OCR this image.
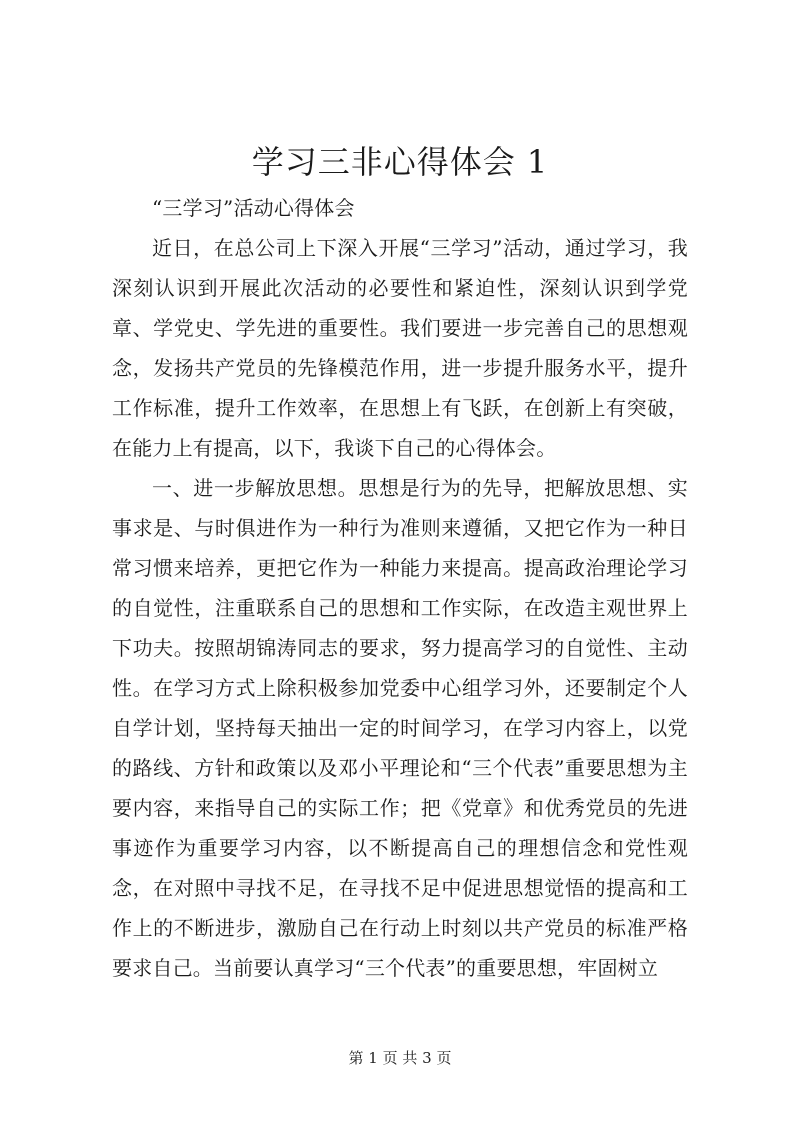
学习三非心得体会 1

“三学习”活动心得体会

近日，在总公司上下深入开展“三学习”活动，通过学习，我深刻认识到开展此次活动的必要性和紧迫性，深刻认识到学党章、学党史、学先进的重要性。我们要进一步完善自己的思想观念，发扬共产党员的先锋模范作用，进一步提升服务水平，提升工作标准，提升工作效率，在思想上有飞跃，在创新上有突破，在能力上有提高，以下，我谈下自己的心得体会。

一、进一步解放思想。思想是行为的先导，把解放思想、实事求是、与时俱进作为一种行为准则来遵循，又把它作为一种日常习惯来培养，更把它作为一种能力来提高。提高政治理论学习的自觉性，注重联系自己的思想和工作实际，在改造主观世界上下功夫。按照胡锦涛同志的要求，努力提高学习的自觉性、主动性。在学习方式上除积极参加党委中心组学习外，还要制定个人自学计划，坚持每天抽出一定的时间学习，在学习内容上，以党的路线、方针和政策以及邓小平理论和“三个代表”重要思想为主要内容，来指导自己的实际工作；把《党章》和优秀党员的先进事迹作为重要学习内容，以不断提高自己的理想信念和党性观念，在对照中寻找不足，在寻找不足中促进思想觉悟的提高和工作上的不断进步，激励自己在行动上时刻以共产党员的标准严格要求自己。当前要认真学习“三个代表”的重要思想，牢固树立

第 1 页 共 3 页
